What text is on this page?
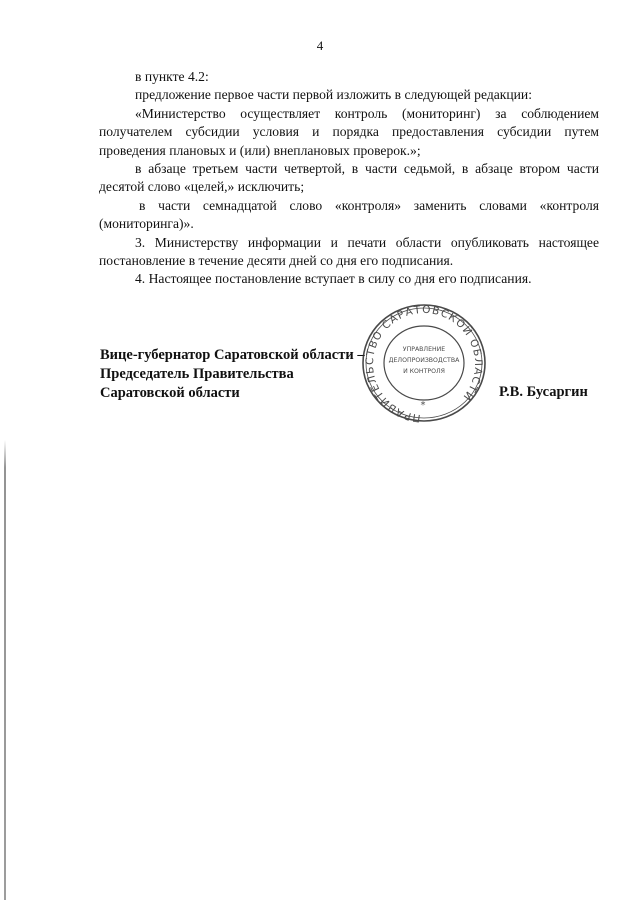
4

в пункте 4.2:

предложение первое части первой изложить в следующей редакции:

«Министерство осуществляет контроль (мониторинг) за соблюдением получателем субсидии условия и порядка предоставления субсидии путем проведения плановых и (или) внеплановых проверок.»;

в абзаце третьем части четвертой, в части седьмой, в абзаце втором части десятой слово «целей,» исключить;

в части семнадцатой слово «контроля» заменить словами «контроля (мониторинга)».

3. Министерству информации и печати области опубликовать настоящее постановление в течение десяти дней со дня его подписания.

4. Настоящее постановление вступает в силу со дня его подписания.

Вице-губернатор Саратовской области –
Председатель Правительства
Саратовской области
ПРАВИТЕЛЬСТВО САРАТОВСКОЙ ОБЛАСТИ
*
УПРАВЛЕНИЕ
ДЕЛОПРОИЗВОДСТВА
И КОНТРОЛЯ
Р.В. Бусаргин
